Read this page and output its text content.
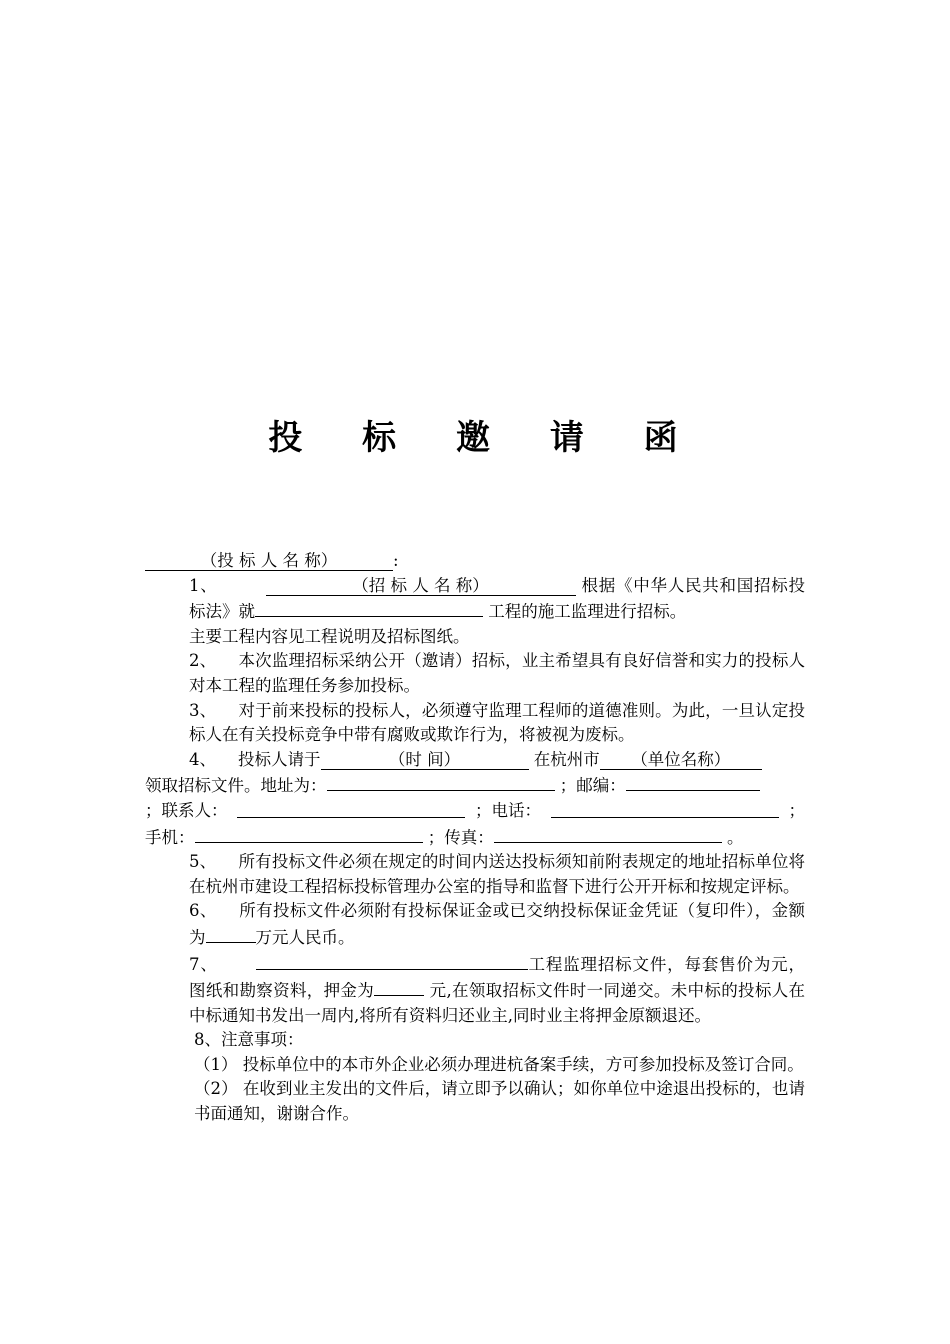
投 标 邀 请 函

（投 标 人 名 称）	:

1、	（招 标 人 名 称）	根据《中华人民共和国招标投标法》就	工程的施工监理进行招标。

主要工程内容见工程说明及招标图纸。

2、 本次监理招标采纳公开（邀请）招标，业主希望具有良好信誉和实力的投标人对本工程的监理任务参加投标。

3、 对于前来投标的投标人，必须遵守监理工程师的道德准则。为此，一旦认定投标人在有关投标竞争中带有腐败或欺诈行为，将被视为废标。

4、 投标人请于	（时 间）	在杭州市 （单位名称）

领取招标文件。地址为：	；邮编：

；联系人：	；电话：	；

手机：	；传真：	。

5、 所有投标文件必须在规定的时间内送达投标须知前附表规定的地址招标单位将在杭州市建设工程招标投标管理办公室的指导和监督下进行公开开标和按规定评标。

6、 所有投标文件必须附有投标保证金或已交纳投标保证金凭证（复印件），金额为	万元人民币。

7、	工程监理招标文件，每套售价为元，图纸和勘察资料，押金为	元,在领取招标文件时一同递交。未中标的投标人在中标通知书发出一周内,将所有资料归还业主,同时业主将押金原额退还。

8、注意事项：

（1） 投标单位中的本市外企业必须办理进杭备案手续，方可参加投标及签订合同。

（2） 在收到业主发出的文件后，请立即予以确认；如你单位中途退出投标的，也请书面通知，谢谢合作。
